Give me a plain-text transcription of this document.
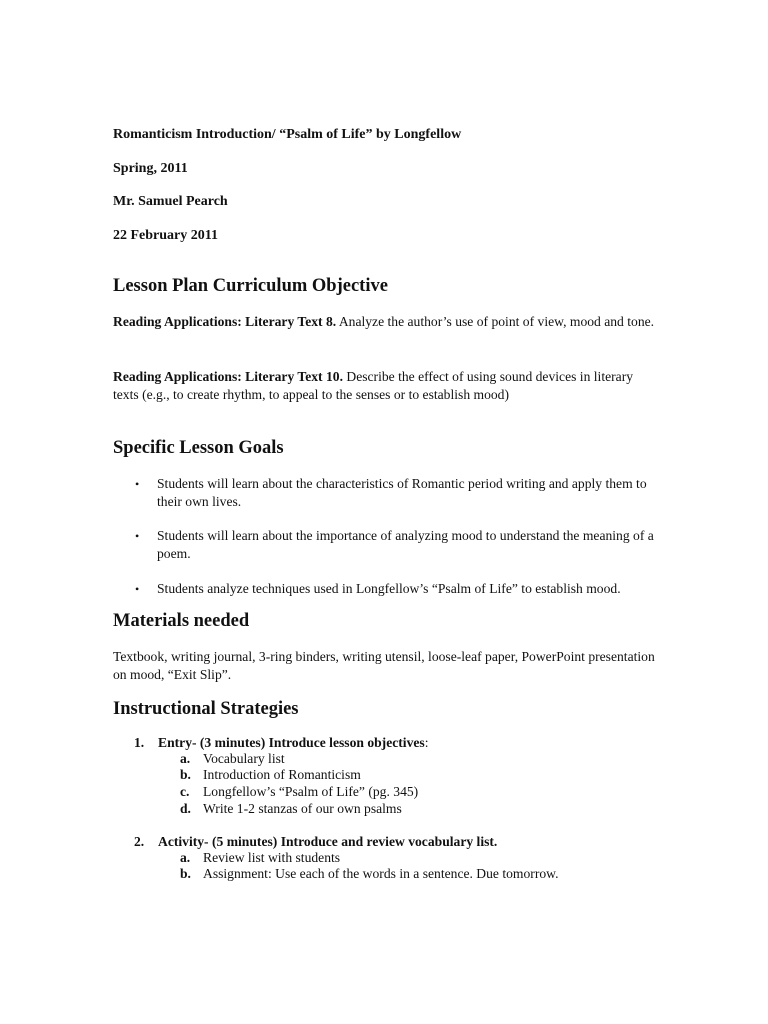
Romanticism Introduction/ “Psalm of Life” by Longfellow
Spring, 2011
Mr. Samuel Pearch
22 February 2011
Lesson Plan Curriculum Objective
Reading Applications: Literary Text 8. Analyze the author’s use of point of view, mood and tone.
Reading Applications: Literary Text 10. Describe the effect of using sound devices in literary texts (e.g., to create rhythm, to appeal to the senses or to establish mood)
Specific Lesson Goals
• Students will learn about the characteristics of Romantic period writing and apply them to their own lives.
• Students will learn about the importance of analyzing mood to understand the meaning of a poem.
• Students analyze techniques used in Longfellow’s “Psalm of Life” to establish mood.
Materials needed
Textbook, writing journal, 3-ring binders, writing utensil, loose-leaf paper, PowerPoint presentation on mood, “Exit Slip”.
Instructional Strategies
1. Entry- (3 minutes) Introduce lesson objectives:
a. Vocabulary list
b. Introduction of Romanticism
c. Longfellow’s “Psalm of Life” (pg. 345)
d. Write 1-2 stanzas of our own psalms
2. Activity- (5 minutes) Introduce and review vocabulary list.
a. Review list with students
b. Assignment: Use each of the words in a sentence. Due tomorrow.
